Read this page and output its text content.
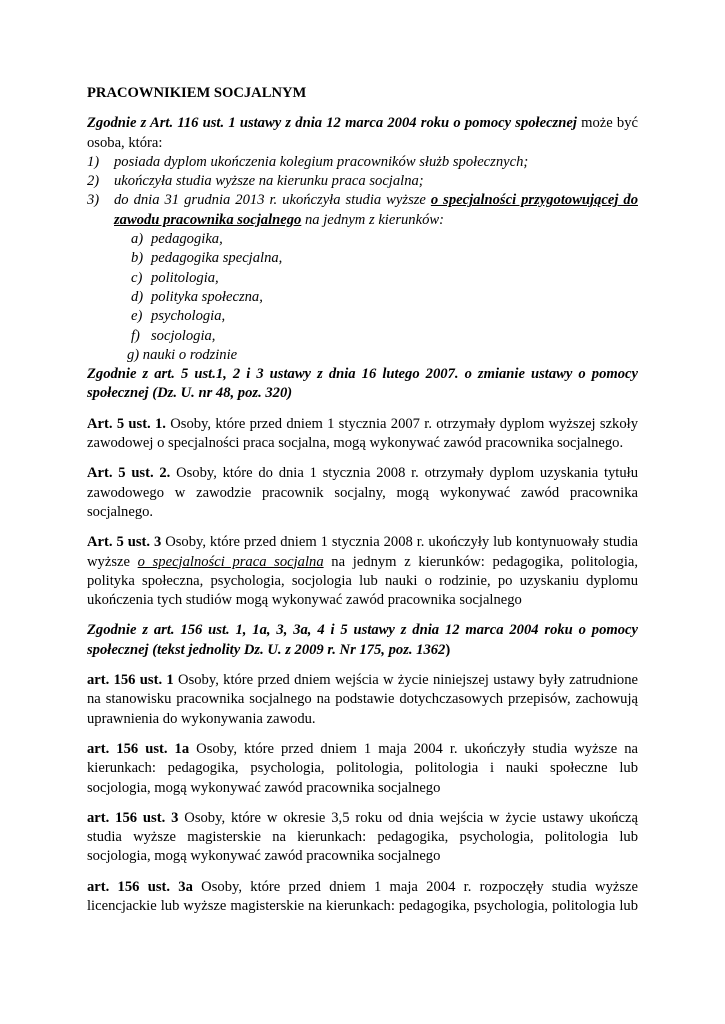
PRACOWNIKIEM SOCJALNYM

Zgodnie z Art. 116 ust. 1 ustawy z dnia 12 marca 2004 roku o pomocy społecznej może być osoba, która:

1) posiada dyplom ukończenia kolegium pracowników służb społecznych;
2) ukończyła studia wyższe na kierunku praca socjalna;
3) do dnia 31 grudnia 2013 r. ukończyła studia wyższe o specjalności przygotowującej do zawodu pracownika socjalnego na jednym z kierunków:
a) pedagogika,
b) pedagogika specjalna,
c) politologia,
d) polityka społeczna,
e) psychologia,
f) socjologia,
g) nauki o rodzinie

Zgodnie z art. 5 ust.1, 2 i 3 ustawy z dnia 16 lutego 2007. o zmianie ustawy o pomocy społecznej (Dz. U. nr 48, poz. 320)

Art. 5 ust. 1. Osoby, które przed dniem 1 stycznia 2007 r. otrzymały dyplom wyższej szkoły zawodowej o specjalności praca socjalna, mogą wykonywać zawód pracownika socjalnego.

Art. 5 ust. 2. Osoby, które do dnia 1 stycznia 2008 r. otrzymały dyplom uzyskania tytułu zawodowego w zawodzie pracownik socjalny, mogą wykonywać zawód pracownika socjalnego.

Art. 5 ust. 3 Osoby, które przed dniem 1 stycznia 2008 r. ukończyły lub kontynuowały studia wyższe o specjalności praca socjalna na jednym z kierunków: pedagogika, politologia, polityka społeczna, psychologia, socjologia lub nauki o rodzinie, po uzyskaniu dyplomu ukończenia tych studiów mogą wykonywać zawód pracownika socjalnego

Zgodnie z art. 156 ust. 1, 1a, 3, 3a, 4 i 5 ustawy z dnia 12 marca 2004 roku o pomocy społecznej (tekst jednolity Dz. U. z 2009 r. Nr 175, poz. 1362)

art. 156 ust. 1 Osoby, które przed dniem wejścia w życie niniejszej ustawy były zatrudnione na stanowisku pracownika socjalnego na podstawie dotychczasowych przepisów, zachowują uprawnienia do wykonywania zawodu.

art. 156 ust. 1a Osoby, które przed dniem 1 maja 2004 r. ukończyły studia wyższe na kierunkach: pedagogika, psychologia, politologia, politologia i nauki społeczne lub socjologia, mogą wykonywać zawód pracownika socjalnego

art. 156 ust. 3 Osoby, które w okresie 3,5 roku od dnia wejścia w życie ustawy ukończą studia wyższe magisterskie na kierunkach: pedagogika, psychologia, politologia lub socjologia, mogą wykonywać zawód pracownika socjalnego

art. 156 ust. 3a Osoby, które przed dniem 1 maja 2004 r. rozpoczęły studia wyższe licencjackie lub wyższe magisterskie na kierunkach: pedagogika, psychologia, politologia lub
